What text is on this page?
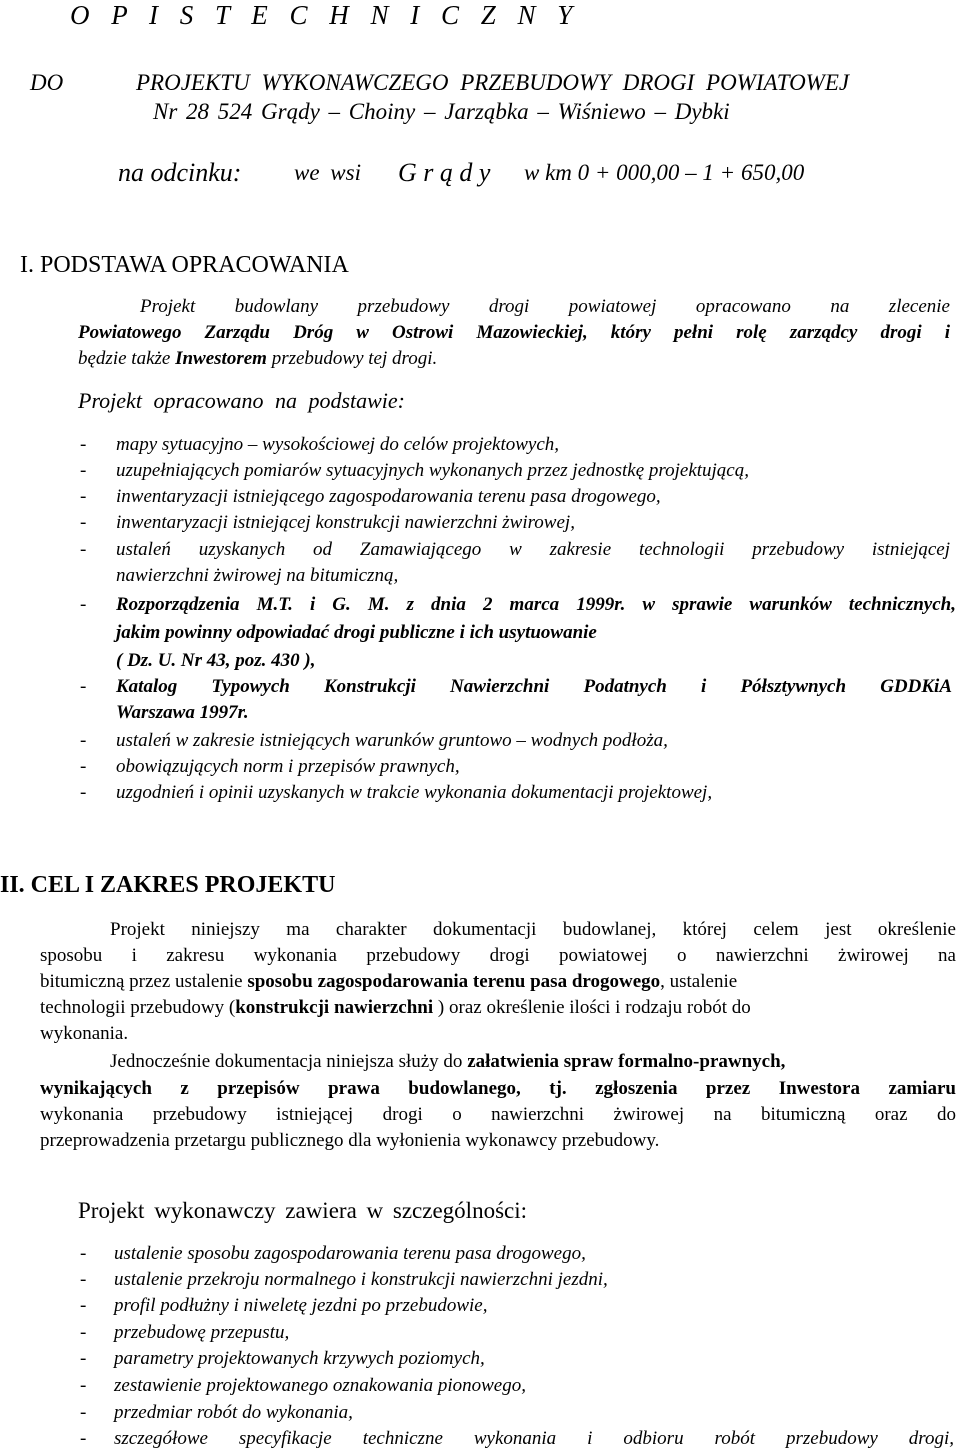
O P I S T E C H N I C Z N Y
DO	PROJEKTU WYKONAWCZEGO PRZEBUDOWY DROGI POWIATOWEJ
Nr 28 524 Grądy – Choiny – Jarząbka – Wiśniewo – Dybki
na odcinku: we wsi G r ą d y w km 0 + 000,00 – 1 + 650,00
I. PODSTAWA OPRACOWANIA
Projekt budowlany przebudowy drogi powiatowej opracowano na zlecenie
Powiatowego Zarządu Dróg w Ostrowi Mazowieckiej, który pełni rolę zarządcy drogi i
będzie także Inwestorem przebudowy tej drogi.
Projekt opracowano na podstawie:
- mapy sytuacyjno – wysokościowej do celów projektowych,
- uzupełniających pomiarów sytuacyjnych wykonanych przez jednostkę projektującą,
- inwentaryzacji istniejącego zagospodarowania terenu pasa drogowego,
- inwentaryzacji istniejącej konstrukcji nawierzchni żwirowej,
- ustaleń uzyskanych od Zamawiającego w zakresie technologii przebudowy istniejącej
nawierzchni żwirowej na bitumiczną,
- Rozporządzenia M.T. i G. M. z dnia 2 marca 1999r. w sprawie warunków technicznych,
jakim powinny odpowiadać drogi publiczne i ich usytuowanie
( Dz. U. Nr 43, poz. 430 ),
- Katalog Typowych Konstrukcji Nawierzchni Podatnych i Półsztywnych GDDKiA
Warszawa 1997r.
- ustaleń w zakresie istniejących warunków gruntowo – wodnych podłoża,
- obowiązujących norm i przepisów prawnych,
- uzgodnień i opinii uzyskanych w trakcie wykonania dokumentacji projektowej,
II. CEL I ZAKRES PROJEKTU
Projekt niniejszy ma charakter dokumentacji budowlanej, której celem jest określenie
sposobu i zakresu wykonania przebudowy drogi powiatowej o nawierzchni żwirowej na
bitumiczną przez ustalenie sposobu zagospodarowania terenu pasa drogowego, ustalenie
technologii przebudowy (konstrukcji nawierzchni ) oraz określenie ilości i rodzaju robót do
wykonania.
Jednocześnie dokumentacja niniejsza służy do załatwienia spraw formalno-prawnych,
wynikających z przepisów prawa budowlanego, tj. zgłoszenia przez Inwestora zamiaru
wykonania przebudowy istniejącej drogi o nawierzchni żwirowej na bitumiczną oraz do
przeprowadzenia przetargu publicznego dla wyłonienia wykonawcy przebudowy.
Projekt wykonawczy zawiera w szczególności:
- ustalenie sposobu zagospodarowania terenu pasa drogowego,
- ustalenie przekroju normalnego i konstrukcji nawierzchni jezdni,
- profil podłużny i niweletę jezdni po przebudowie,
- przebudowę przepustu,
- parametry projektowanych krzywych poziomych,
- zestawienie projektowanego oznakowania pionowego,
- przedmiar robót do wykonania,
- szczegółowe specyfikacje techniczne wykonania i odbioru robót przebudowy drogi,
